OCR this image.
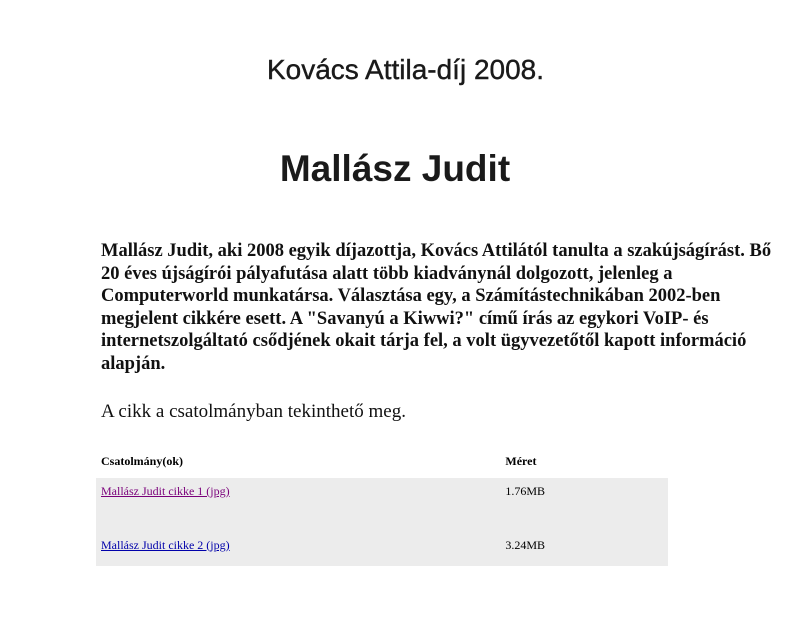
Kovács Attila-díj 2008.
Mallász Judit

Mallász Judit, aki 2008 egyik díjazottja, Kovács Attilától tanulta a szakújságírást. Bő 20 éves újságírói pályafutása alatt több kiadványnál dolgozott, jelenleg a Computerworld munkatársa. Választása egy, a Számítástechnikában 2002-ben megjelent cikkére esett. A "Savanyú a Kiwwi?" című írás az egykori VoIP- és internetszolgáltató csődjének okait tárja fel, a volt ügyvezetőtől kapott információ alapján.

A cikk a csatolmányban tekinthető meg.

Csatolmány(ok)	Méret
Mallász Judit cikke 1 (jpg)	1.76MB
Mallász Judit cikke 2 (jpg)	3.24MB
